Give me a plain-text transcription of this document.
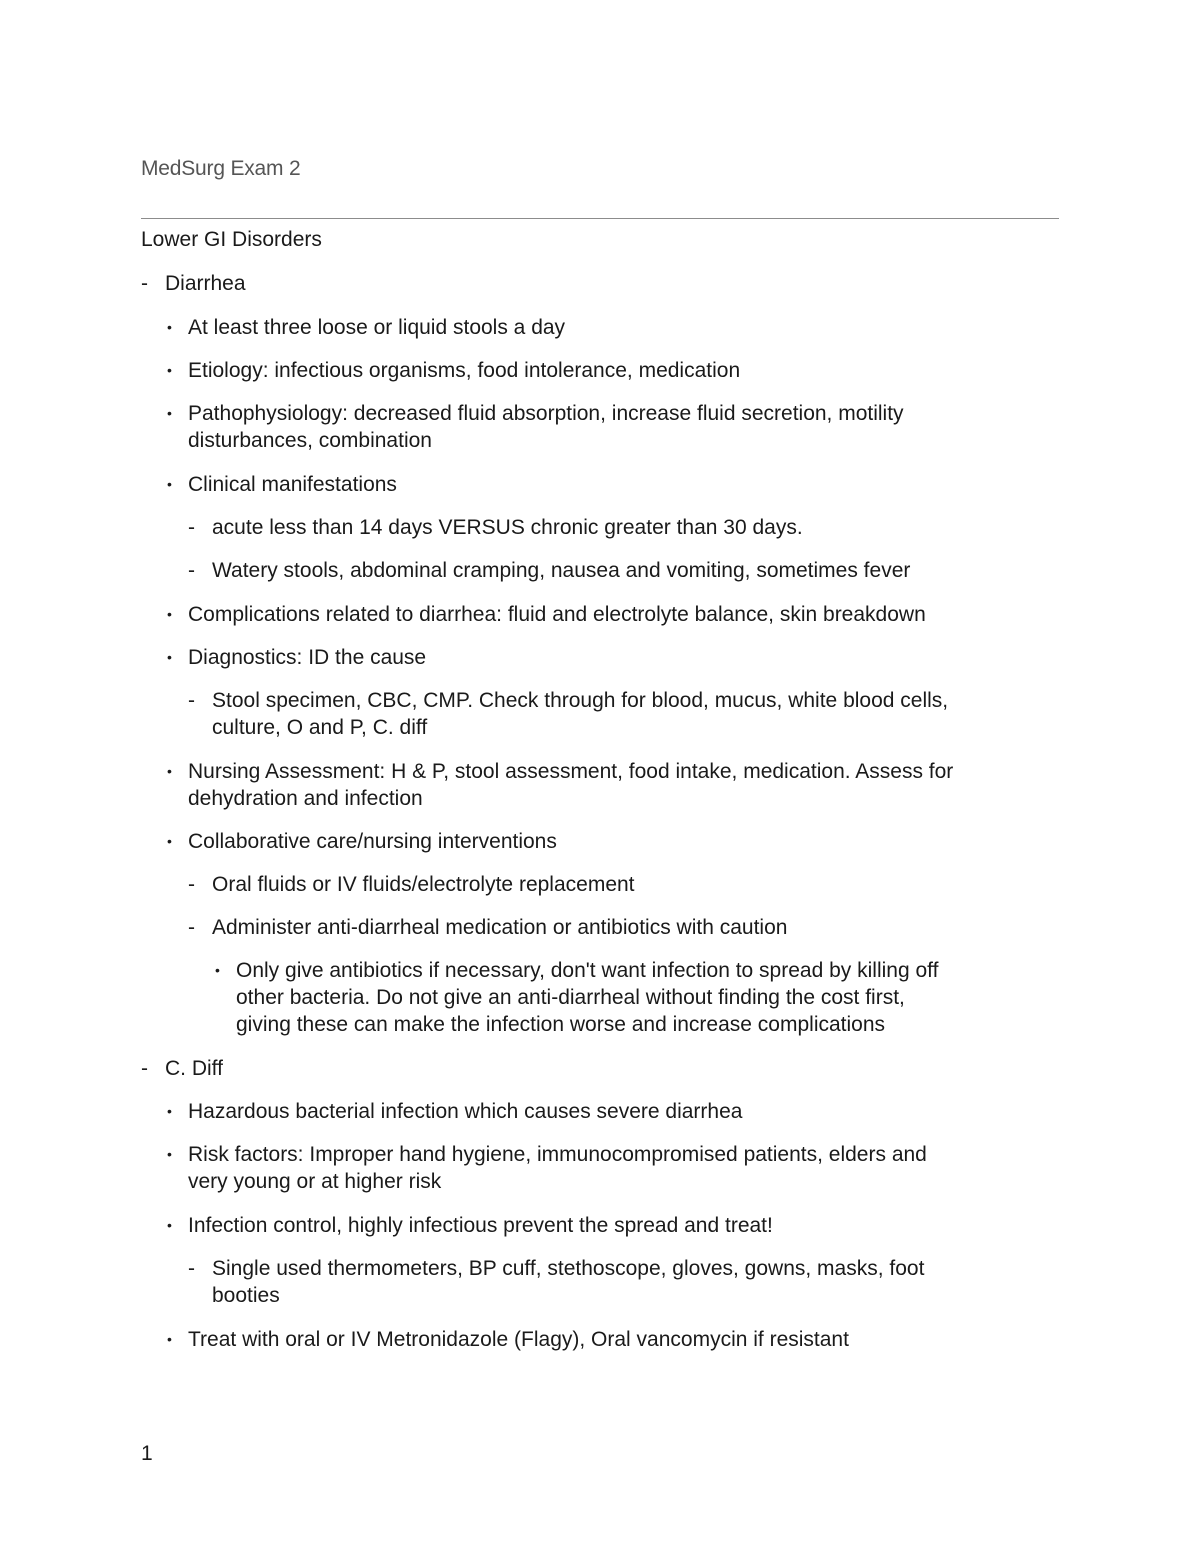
MedSurg Exam 2
Lower GI Disorders
- Diarrhea
• At least three loose or liquid stools a day
• Etiology: infectious organisms, food intolerance, medication
• Pathophysiology: decreased fluid absorption, increase fluid secretion, motility
disturbances, combination
• Clinical manifestations
- acute less than 14 days VERSUS chronic greater than 30 days.
- Watery stools, abdominal cramping, nausea and vomiting, sometimes fever
• Complications related to diarrhea: fluid and electrolyte balance, skin breakdown
• Diagnostics: ID the cause
- Stool specimen, CBC, CMP. Check through for blood, mucus, white blood cells,
culture, O and P, C. diff
• Nursing Assessment: H & P, stool assessment, food intake, medication. Assess for
dehydration and infection
• Collaborative care/nursing interventions
- Oral fluids or IV fluids/electrolyte replacement
- Administer anti-diarrheal medication or antibiotics with caution
• Only give antibiotics if necessary, don't want infection to spread by killing off
other bacteria. Do not give an anti-diarrheal without finding the cost first,
giving these can make the infection worse and increase complications
- C. Diff
• Hazardous bacterial infection which causes severe diarrhea
• Risk factors: Improper hand hygiene, immunocompromised patients, elders and
very young or at higher risk
• Infection control, highly infectious prevent the spread and treat!
- Single used thermometers, BP cuff, stethoscope, gloves, gowns, masks, foot
booties
• Treat with oral or IV Metronidazole (Flagy), Oral vancomycin if resistant
1
